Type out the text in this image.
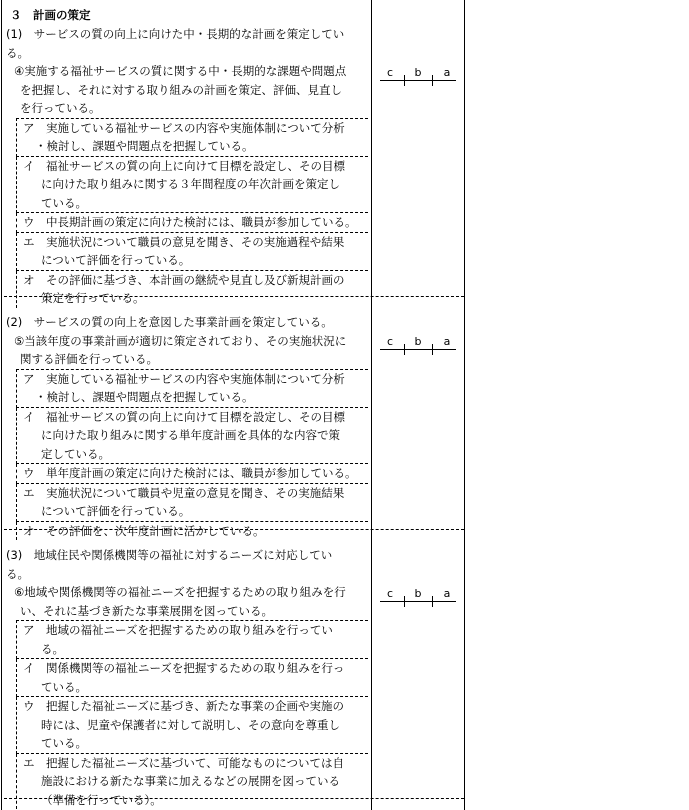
３　計画の策定
(1)　サービスの質の向上に向けた中・長期的な計画を策定してい
る。
④実施する福祉サービスの質に関する中・長期的な課題や問題点
を把握し、それに対する取り組みの計画を策定、評価、見直し
を行っている。
ア　実施している福祉サービスの内容や実施体制について分析
・検討し、課題や問題点を把握している。
イ　福祉サービスの質の向上に向けて目標を設定し、その目標
に向けた取り組みに関する３年間程度の年次計画を策定し
ている。
ウ　中長期計画の策定に向けた検討には、職員が参加している。
エ　実施状況について職員の意見を聞き、その実施過程や結果
について評価を行っている。
オ　その評価に基づき、本計画の継続や見直し及び新規計画の
策定を行っている。
c b a
(2)　サービスの質の向上を意図した事業計画を策定している。
⑤当該年度の事業計画が適切に策定されており、その実施状況に
関する評価を行っている。
ア　実施している福祉サービスの内容や実施体制について分析
・検討し、課題や問題点を把握している。
イ　福祉サービスの質の向上に向けて目標を設定し、その目標
に向けた取り組みに関する単年度計画を具体的な内容で策
定している。
ウ　単年度計画の策定に向けた検討には、職員が参加している。
エ　実施状況について職員や児童の意見を聞き、その実施結果
について評価を行っている。
オ　その評価を、次年度計画に活かしている。
c b a
(3)　地域住民や関係機関等の福祉に対するニーズに対応してい
る。
⑥地域や関係機関等の福祉ニーズを把握するための取り組みを行
い、それに基づき新たな事業展開を図っている。
ア　地域の福祉ニーズを把握するための取り組みを行ってい
る。
イ　関係機関等の福祉ニーズを把握するための取り組みを行っ
ている。
ウ　把握した福祉ニーズに基づき、新たな事業の企画や実施の
時には、児童や保護者に対して説明し、その意向を尊重し
ている。
エ　把握した福祉ニーズに基づいて、可能なものについては自
施設における新たな事業に加えるなどの展開を図っている
（準備を行っている）。
c b a
